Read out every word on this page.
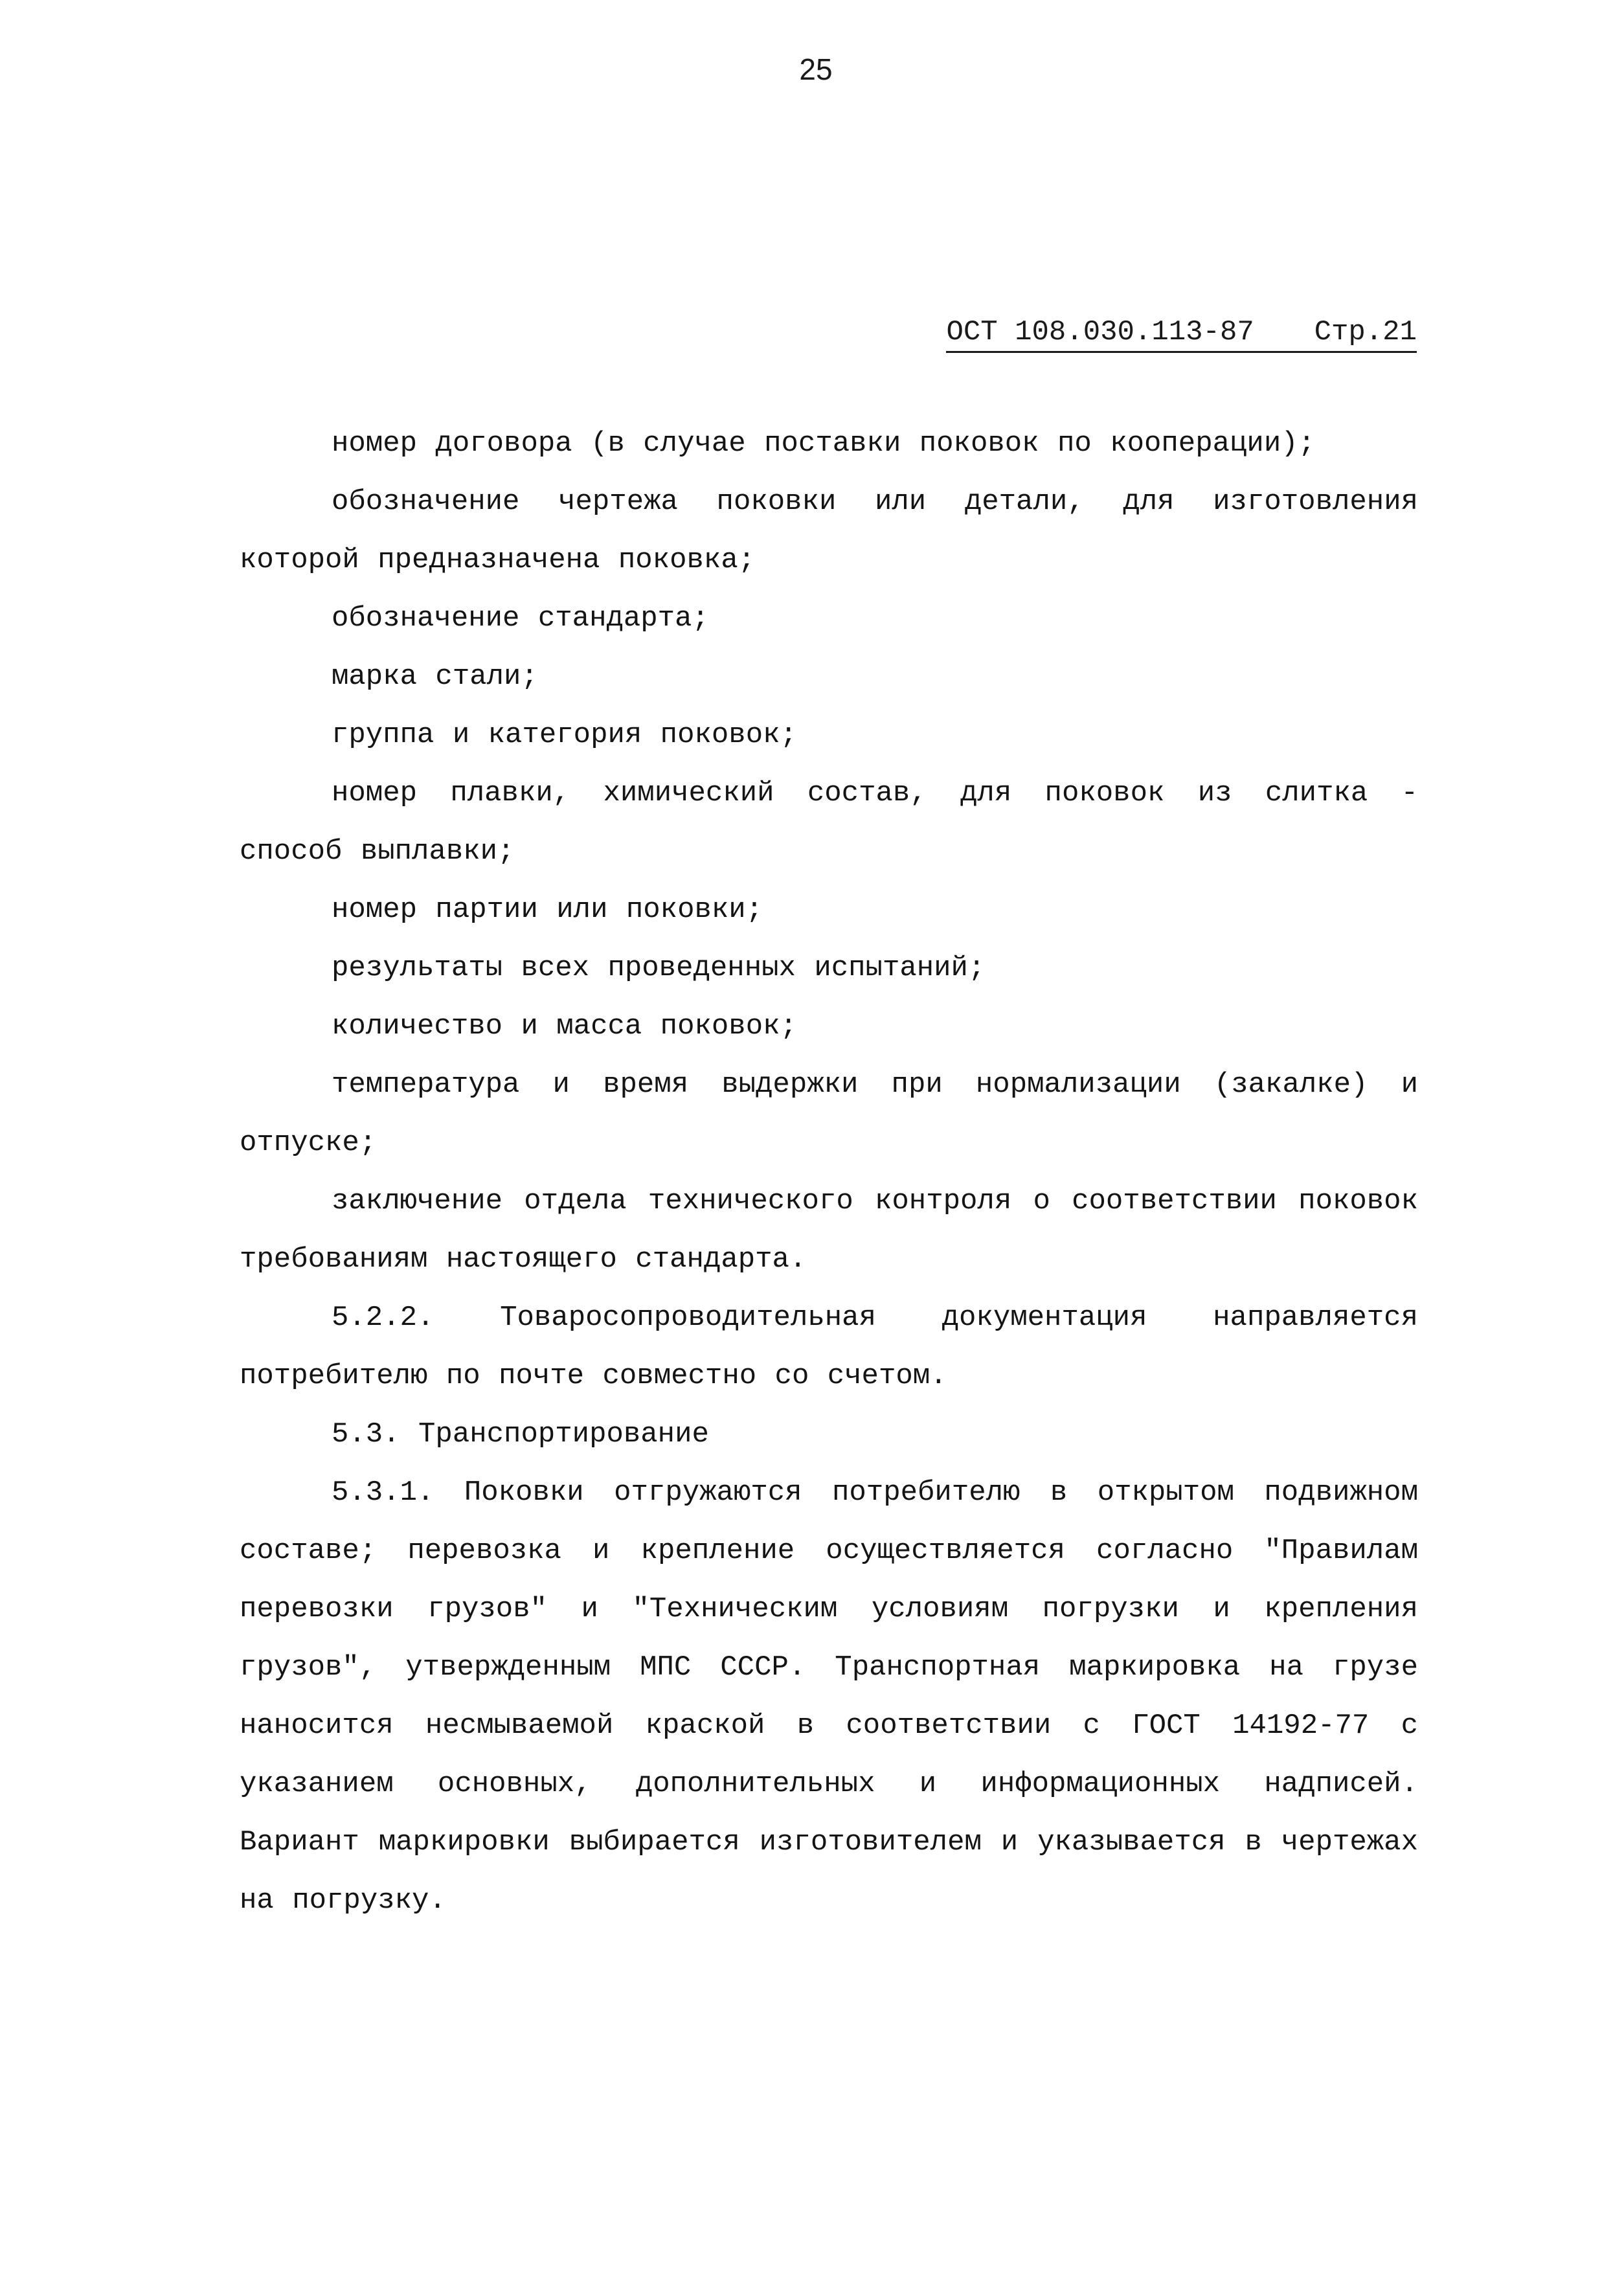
25
ОСТ 108.030.113-87 Стр.21

номер договора (в случае поставки поковок по кооперации);

обозначение чертежа поковки или детали, для изготовления которой предназначена поковка;

обозначение стандарта;

марка стали;

группа и категория поковок;

номер плавки, химический состав, для поковок из слитка - способ выплавки;

номер партии или поковки;

результаты всех проведенных испытаний;

количество и масса поковок;

температура и время выдержки при нормализации (закалке) и отпуске;

заключение отдела технического контроля о соответствии поковок требованиям настоящего стандарта.

5.2.2. Товаросопроводительная документация направляется потребителю по почте совместно со счетом.

5.3. Транспортирование

5.3.1. Поковки отгружаются потребителю в открытом подвижном составе; перевозка и крепление осуществляется согласно "Правилам перевозки грузов" и "Техническим условиям погрузки и крепления грузов", утвержденным МПС СССР. Транспортная маркировка на грузе наносится несмываемой краской в соответствии с ГОСТ 14192-77 с указанием основных, дополнительных и информационных надписей. Вариант маркировки выбирается изготовителем и указывается в чертежах на погрузку.
